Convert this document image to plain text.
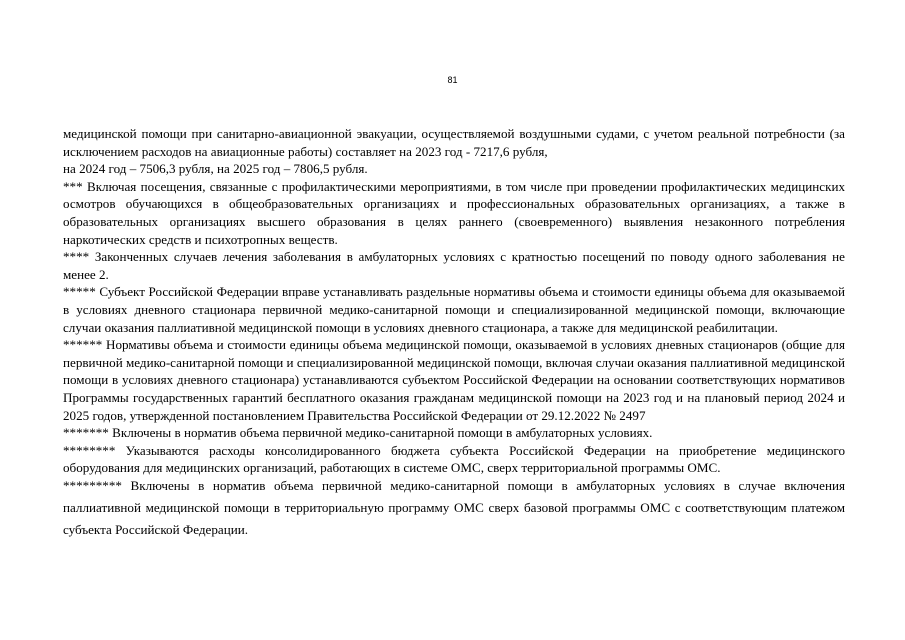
81

медицинской помощи при санитарно-авиационной эвакуации, осуществляемой воздушными судами, с учетом реальной потребности (за исключением расходов на авиационные работы) составляет на 2023 год - 7217,6 рубля,
на 2024 год – 7506,3 рубля, на 2025 год – 7806,5 рубля.

*** Включая посещения, связанные с профилактическими мероприятиями, в том числе при проведении профилактических медицинских осмотров обучающихся в общеобразовательных организациях и профессиональных образовательных организациях, а также в образовательных организациях высшего образования в целях раннего (своевременного) выявления незаконного потребления наркотических средств и психотропных веществ.

**** Законченных случаев лечения заболевания в амбулаторных условиях с кратностью посещений по поводу одного заболевания не менее 2.

***** Субъект Российской Федерации вправе устанавливать раздельные нормативы объема и стоимости единицы объема для оказываемой в условиях дневного стационара первичной медико-санитарной помощи и специализированной медицинской помощи, включающие случаи оказания паллиативной медицинской помощи в условиях дневного стационара, а также для медицинской реабилитации.

****** Нормативы объема и стоимости единицы объема медицинской помощи, оказываемой в условиях дневных стационаров (общие для первичной медико-санитарной помощи и специализированной медицинской помощи, включая случаи оказания паллиативной медицинской помощи в условиях дневного стационара) устанавливаются субъектом Российской Федерации на основании соответствующих нормативов Программы государственных гарантий бесплатного оказания гражданам медицинской помощи на 2023 год и на плановый период 2024 и 2025 годов, утвержденной постановлением Правительства Российской Федерации от 29.12.2022 № 2497

******* Включены в норматив объема первичной медико-санитарной помощи в амбулаторных условиях.

******** Указываются расходы консолидированного бюджета субъекта Российской Федерации на приобретение медицинского оборудования для медицинских организаций, работающих в системе ОМС, сверх территориальной программы ОМС.

********* Включены в норматив объема первичной медико-санитарной помощи в амбулаторных условиях в случае включения паллиативной медицинской помощи в территориальную программу ОМС сверх базовой программы ОМС с соответствующим платежом субъекта Российской Федерации.
